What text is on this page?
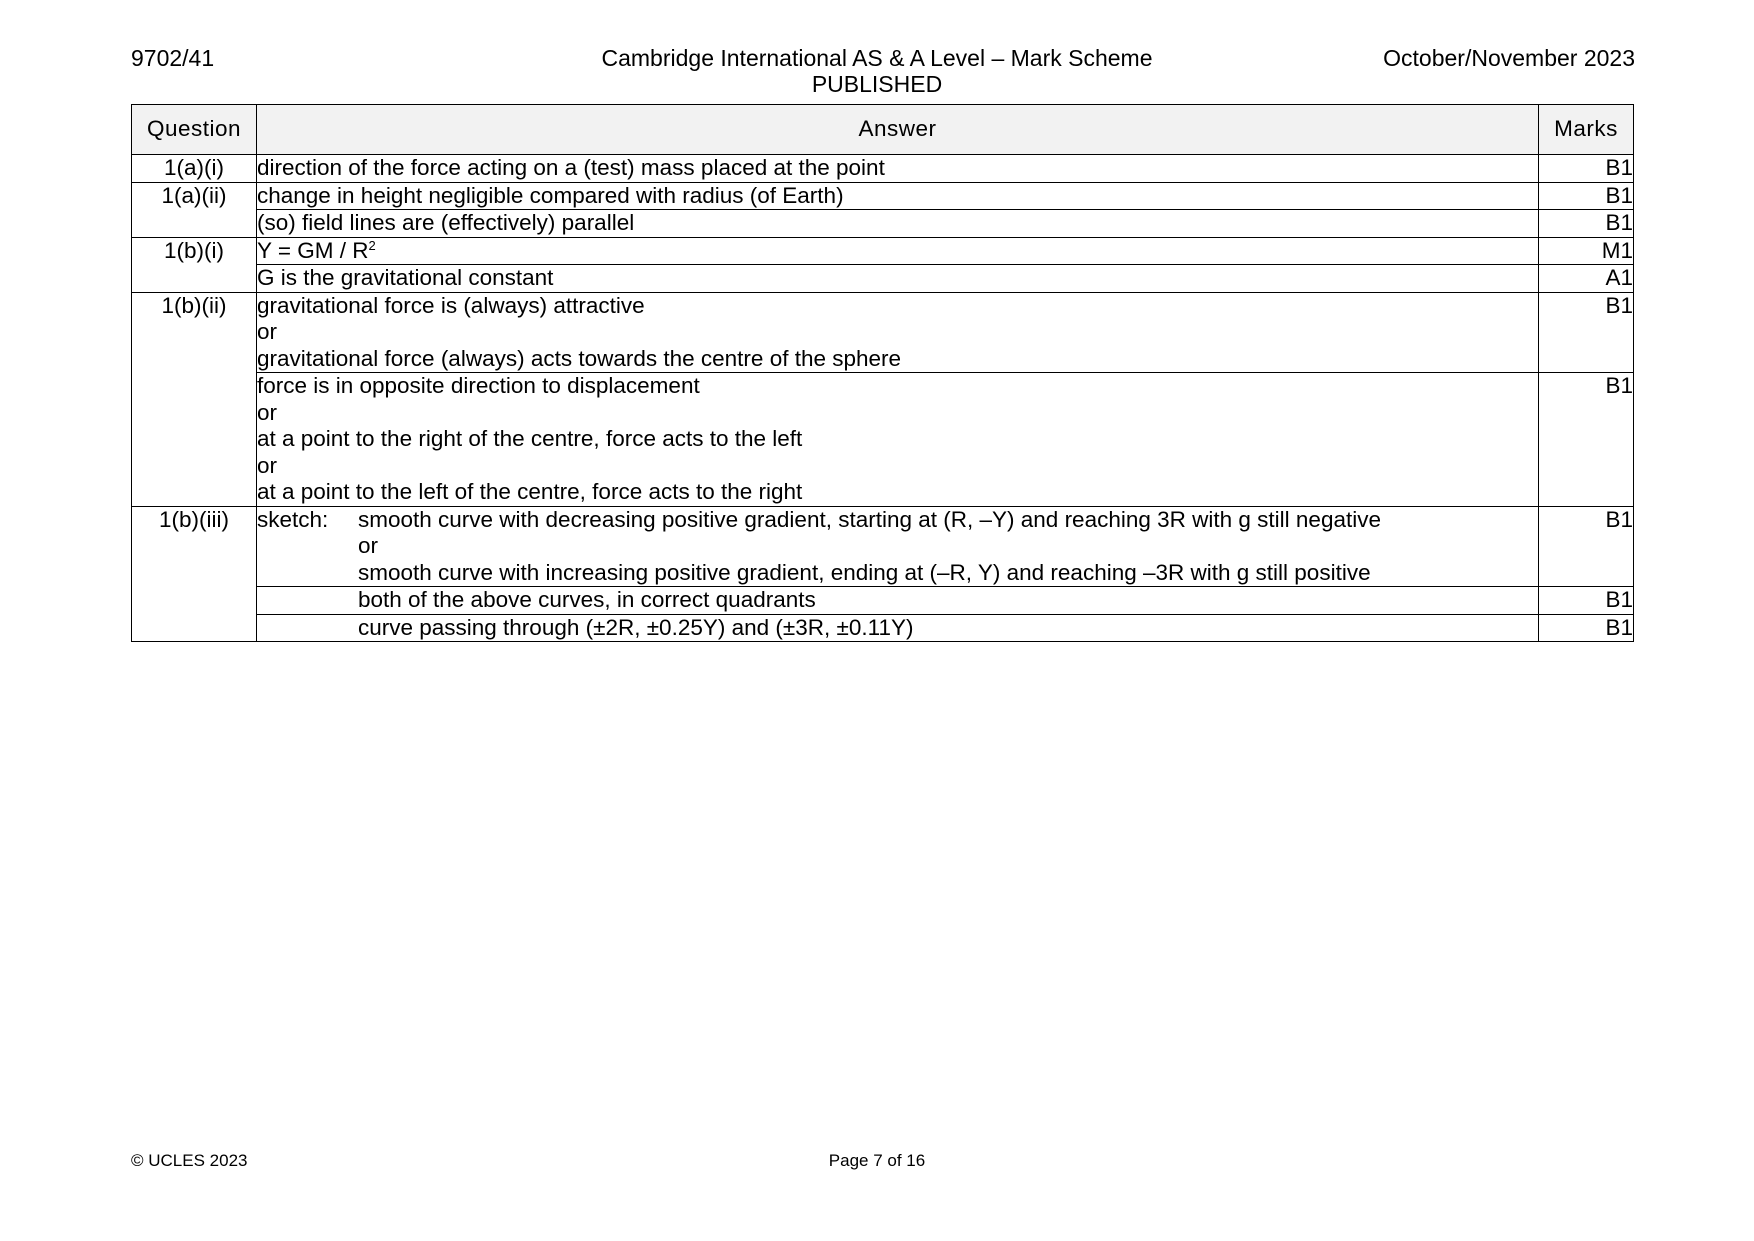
9702/41	Cambridge International AS & A Level – Mark Scheme
PUBLISHED
October/November 2023
Question	Answer	Marks
1(a)(i)	direction of the force acting on a (test) mass placed at the point	B1
1(a)(ii)	change in height negligible compared with radius (of Earth)	B1

	(so) field lines are (effectively) parallel	B1
1(b)(i)	Y = GM / $R^2$	M1

	G is the gravitational constant	A1
1(b)(ii)	gravitational force is (always) attractive
or
gravitational force (always) acts towards the centre of the sphere	B1

	force is in opposite direction to displacement
or
at a point to the right of the centre, force acts to the left
or
at a point to the left of the centre, force acts to the right	B1
1(b)(iii)	sketch: smooth curve with decreasing positive gradient, starting at (R, –Y) and reaching 3R with g still negative
or
smooth curve with increasing positive gradient, ending at (–R, Y) and reaching –3R with g still positive	B1

	both of the above curves, in correct quadrants	B1

	curve passing through (±2R, ±0.25Y) and (±3R, ±0.11Y)	B1
© UCLES 2023	Page 7 of 16
